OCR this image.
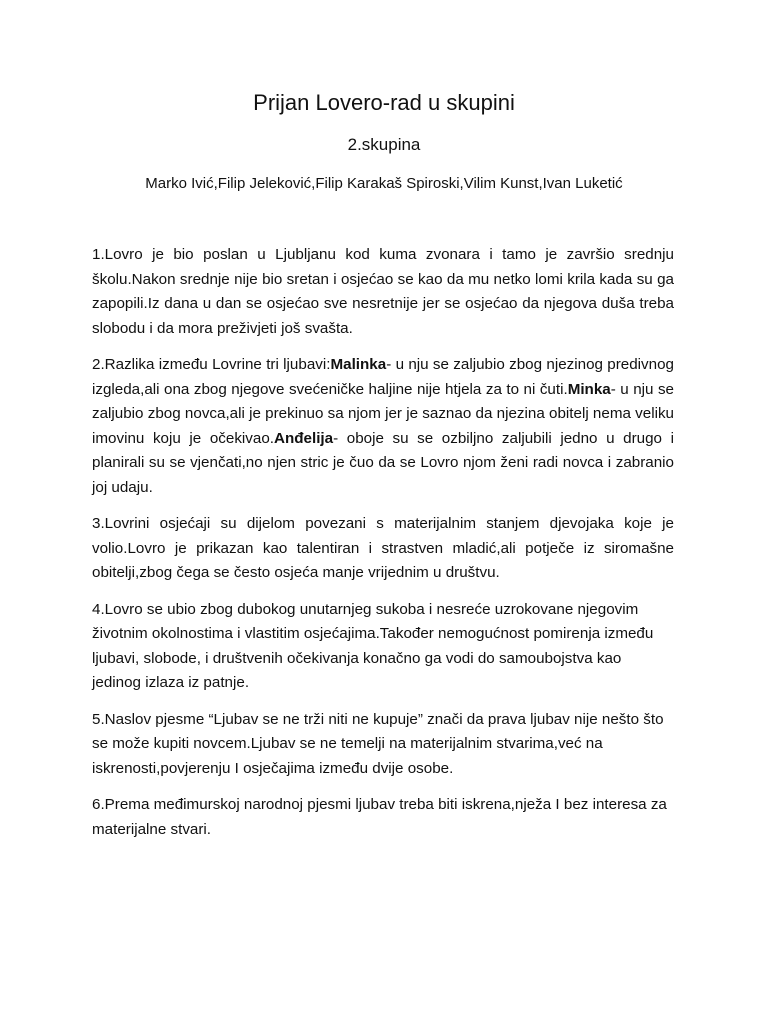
Prijan Lovero-rad u skupini
2.skupina
Marko Ivić,Filip Jeleković,Filip Karakaš Spiroski,Vilim Kunst,Ivan Luketić

1.Lovro je bio poslan u Ljubljanu kod kuma zvonara i tamo je završio srednju školu.Nakon srednje nije bio sretan i osjećao se kao da mu netko lomi krila kada su ga zapopili.Iz dana u dan se osjećao sve nesretnije jer se osjećao da njegova duša treba slobodu i da mora preživjeti još svašta.

2.Razlika između Lovrine tri ljubavi:Malinka- u nju se zaljubio zbog njezinog predivnog izgleda,ali ona zbog njegove svećeničke haljine nije htjela za to ni čuti.Minka- u nju se zaljubio zbog novca,ali je prekinuo sa njom jer je saznao da njezina obitelj nema veliku imovinu koju je očekivao.Anđelija- oboje su se ozbiljno zaljubili jedno u drugo i planirali su se vjenčati,no njen stric je čuo da se Lovro njom ženi radi novca i zabranio joj udaju.

3.Lovrini osjećaji su dijelom povezani s materijalnim stanjem djevojaka koje je volio.Lovro je prikazan kao talentiran i strastven mladić,ali potječe iz siromašne obitelji,zbog čega se često osjeća manje vrijednim u društvu.

4.Lovro se ubio zbog dubokog unutarnjeg sukoba i nesreće uzrokovane njegovim životnim okolnostima i vlastitim osjećajima.Također nemogućnost pomirenja između ljubavi, slobode, i društvenih očekivanja konačno ga vodi do samoubojstva kao jedinog izlaza iz patnje.

5.Naslov pjesme “Ljubav se ne trži niti ne kupuje” znači da prava ljubav nije nešto što se može kupiti novcem.Ljubav se ne temelji na materijalnim stvarima,već na iskrenosti,povjerenju I osječajima između dvije osobe.

6.Prema međimurskoj narodnoj pjesmi ljubav treba biti iskrena,nježa I bez interesa za materijalne stvari.
